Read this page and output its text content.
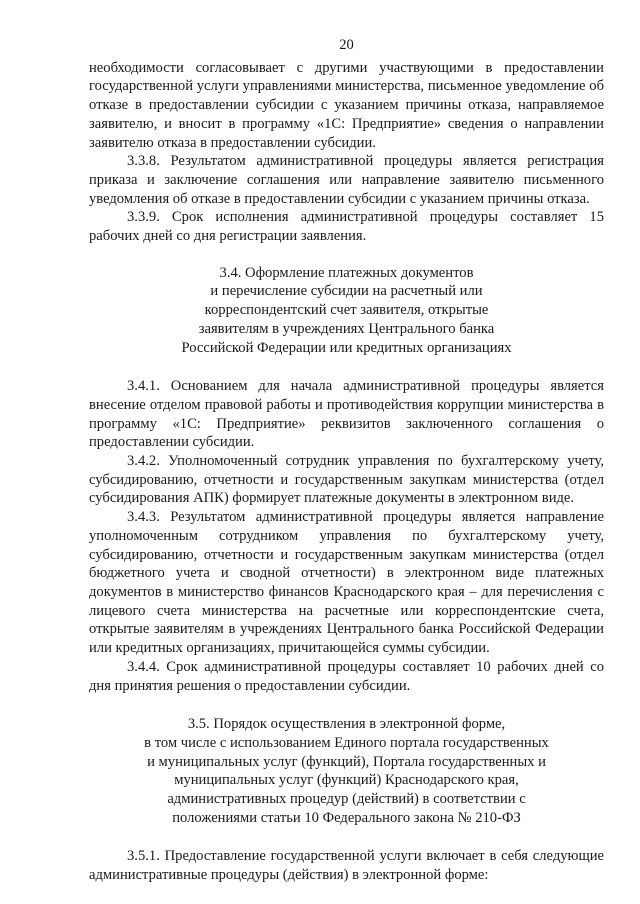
20

необходимости согласовывает с другими участвующими в предоставлении государственной услуги управлениями министерства, письменное уведомление об отказе в предоставлении субсидии с указанием причины отказа, направляемое заявителю, и вносит в программу «1С: Предприятие» сведения о направлении заявителю отказа в предоставлении субсидии.

3.3.8. Результатом административной процедуры является регистрация приказа и заключение соглашения или направление заявителю письменного уведомления об отказе в предоставлении субсидии с указанием причины отказа.

3.3.9. Срок исполнения административной процедуры составляет 15 рабочих дней со дня регистрации заявления.

3.4. Оформление платежных документов
и перечисление субсидии на расчетный или
корреспондентский счет заявителя, открытые
заявителям в учреждениях Центрального банка
Российской Федерации или кредитных организациях

3.4.1. Основанием для начала административной процедуры является внесение отделом правовой работы и противодействия коррупции министерства в программу «1С: Предприятие» реквизитов заключенного соглашения о предоставлении субсидии.

3.4.2. Уполномоченный сотрудник управления по бухгалтерскому учету, субсидированию, отчетности и государственным закупкам министерства (отдел субсидирования АПК) формирует платежные документы в электронном виде.

3.4.3. Результатом административной процедуры является направление уполномоченным сотрудником управления по бухгалтерскому учету, субсидированию, отчетности и государственным закупкам министерства (отдел бюджетного учета и сводной отчетности) в электронном виде платежных документов в министерство финансов Краснодарского края – для перечисления с лицевого счета министерства на расчетные или корреспондентские счета, открытые заявителям в учреждениях Центрального банка Российской Федерации или кредитных организациях, причитающейся суммы субсидии.

3.4.4. Срок административной процедуры составляет 10 рабочих дней со дня принятия решения о предоставлении субсидии.

3.5. Порядок осуществления в электронной форме,
в том числе с использованием Единого портала государственных
и муниципальных услуг (функций), Портала государственных и
муниципальных услуг (функций) Краснодарского края,
административных процедур (действий) в соответствии с
положениями статьи 10 Федерального закона № 210-ФЗ

3.5.1. Предоставление государственной услуги включает в себя следующие административные процедуры (действия) в электронной форме:
